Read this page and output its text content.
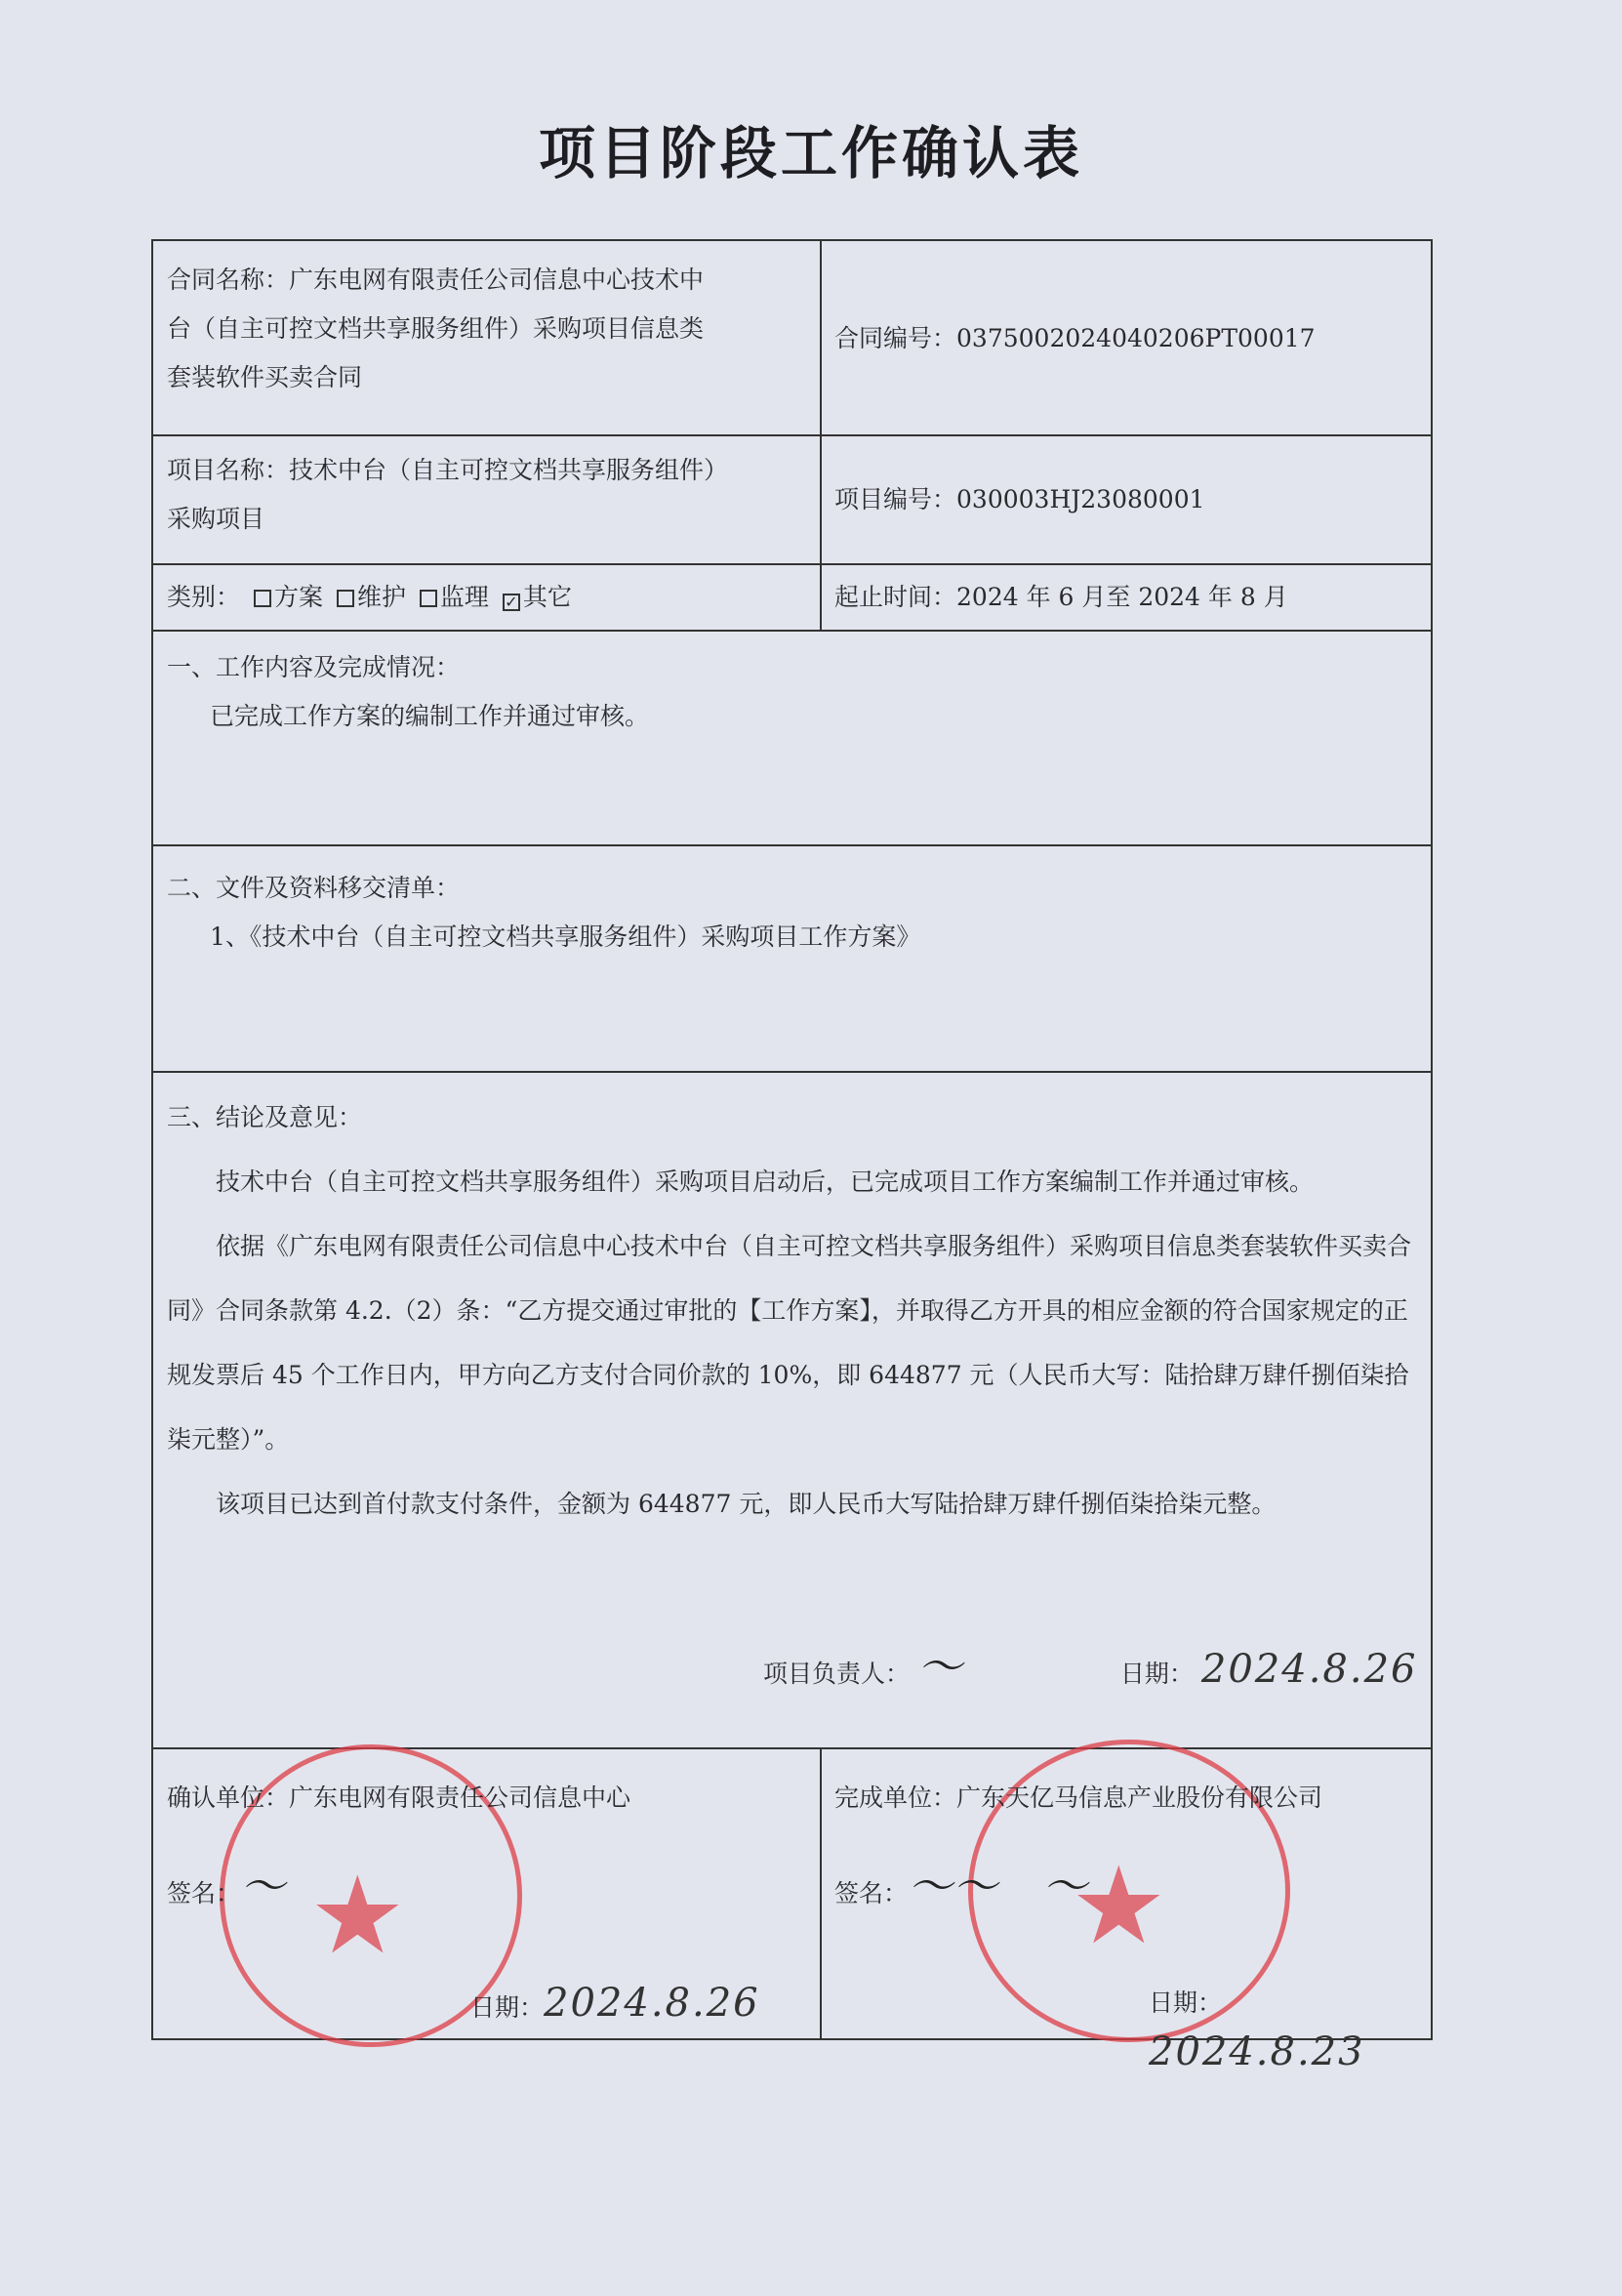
项目阶段工作确认表
合同名称：广东电网有限责任公司信息中心技术中
台（自主可控文档共享服务组件）采购项目信息类
套装软件买卖合同
合同编号：0375002024040206PT00017
项目名称：技术中台（自主可控文档共享服务组件）
采购项目
项目编号：030003HJ23080001
类别： 方案 维护 监理 ✓ 其它	起止时间：2024 年 6 月至 2024 年 8 月
一、工作内容及完成情况：
已完成工作方案的编制工作并通过审核。
二、文件及资料移交清单：
1、《技术中台（自主可控文档共享服务组件）采购项目工作方案》
三、结论及意见：

技术中台（自主可控文档共享服务组件）采购项目启动后，已完成项目工作方案编制工作并通过审核。

依据《广东电网有限责任公司信息中心技术中台（自主可控文档共享服务组件）采购项目信息类套装软件买卖合同》合同条款第 4.2.（2）条：“乙方提交通过审批的【工作方案】，并取得乙方开具的相应金额的符合国家规定的正规发票后 45 个工作日内，甲方向乙方支付合同价款的 10%，即 644877 元（人民币大写：陆拾肆万肆仟捌佰柒拾柒元整）”。

该项目已达到首付款支付条件，金额为 644877 元，即人民币大写陆拾肆万肆仟捌佰柒拾柒元整。

项目负责人： 〜	日期： 2024.8.26
★	★
确认单位：广东电网有限责任公司信息中心
签名：〜
日期：2024.8.26
完成单位：广东天亿马信息产业股份有限公司
签名：〜〜　〜
日期：2024.8.23
